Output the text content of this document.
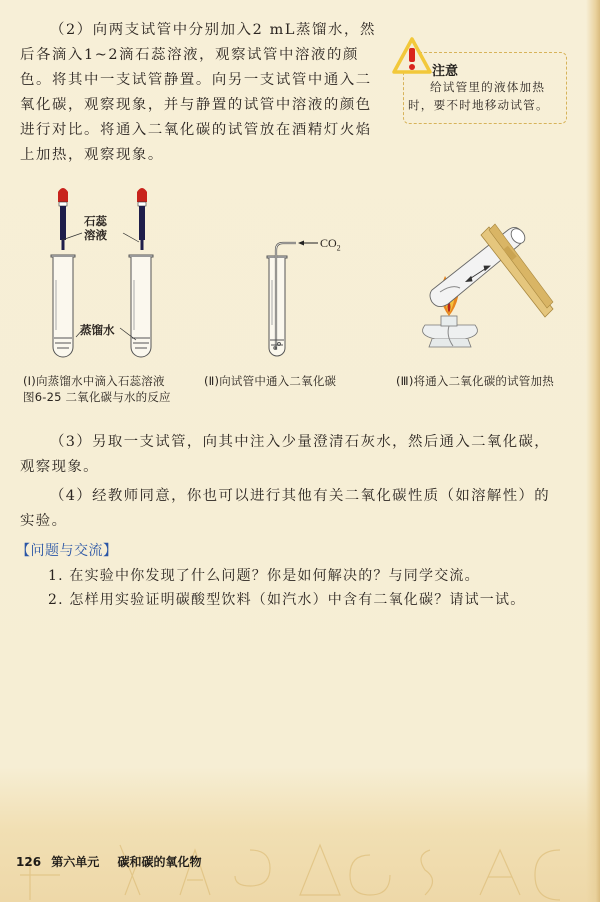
（2）向两支试管中分别加入2 mL蒸馏水，然
后各滴入1~2滴石蕊溶液，观察试管中溶液的颜
色。将其中一支试管静置。向另一支试管中通入二
氧化碳，观察现象，并与静置的试管中溶液的颜色
进行对比。将通入二氧化碳的试管放在酒精灯火焰
上加热，观察现象。
注意
给试管里的液体加热时，要不时地移动试管。
石蕊
溶液
蒸馏水
$CO_2$
(Ⅰ)向蒸馏水中滴入石蕊溶液	(Ⅱ)向试管中通入二氧化碳	(Ⅲ)将通入二氧化碳的试管加热
图6-25 二氧化碳与水的反应
（3）另取一支试管，向其中注入少量澄清石灰水，然后通入二氧化碳，
观察现象。
（4）经教师同意，你也可以进行其他有关二氧化碳性质（如溶解性）的
实验。
【问题与交流】
1. 在实验中你发现了什么问题？你是如何解决的？与同学交流。
2. 怎样用实验证明碳酸型饮料（如汽水）中含有二氧化碳？请试一试。
126 第六单元 碳和碳的氧化物
